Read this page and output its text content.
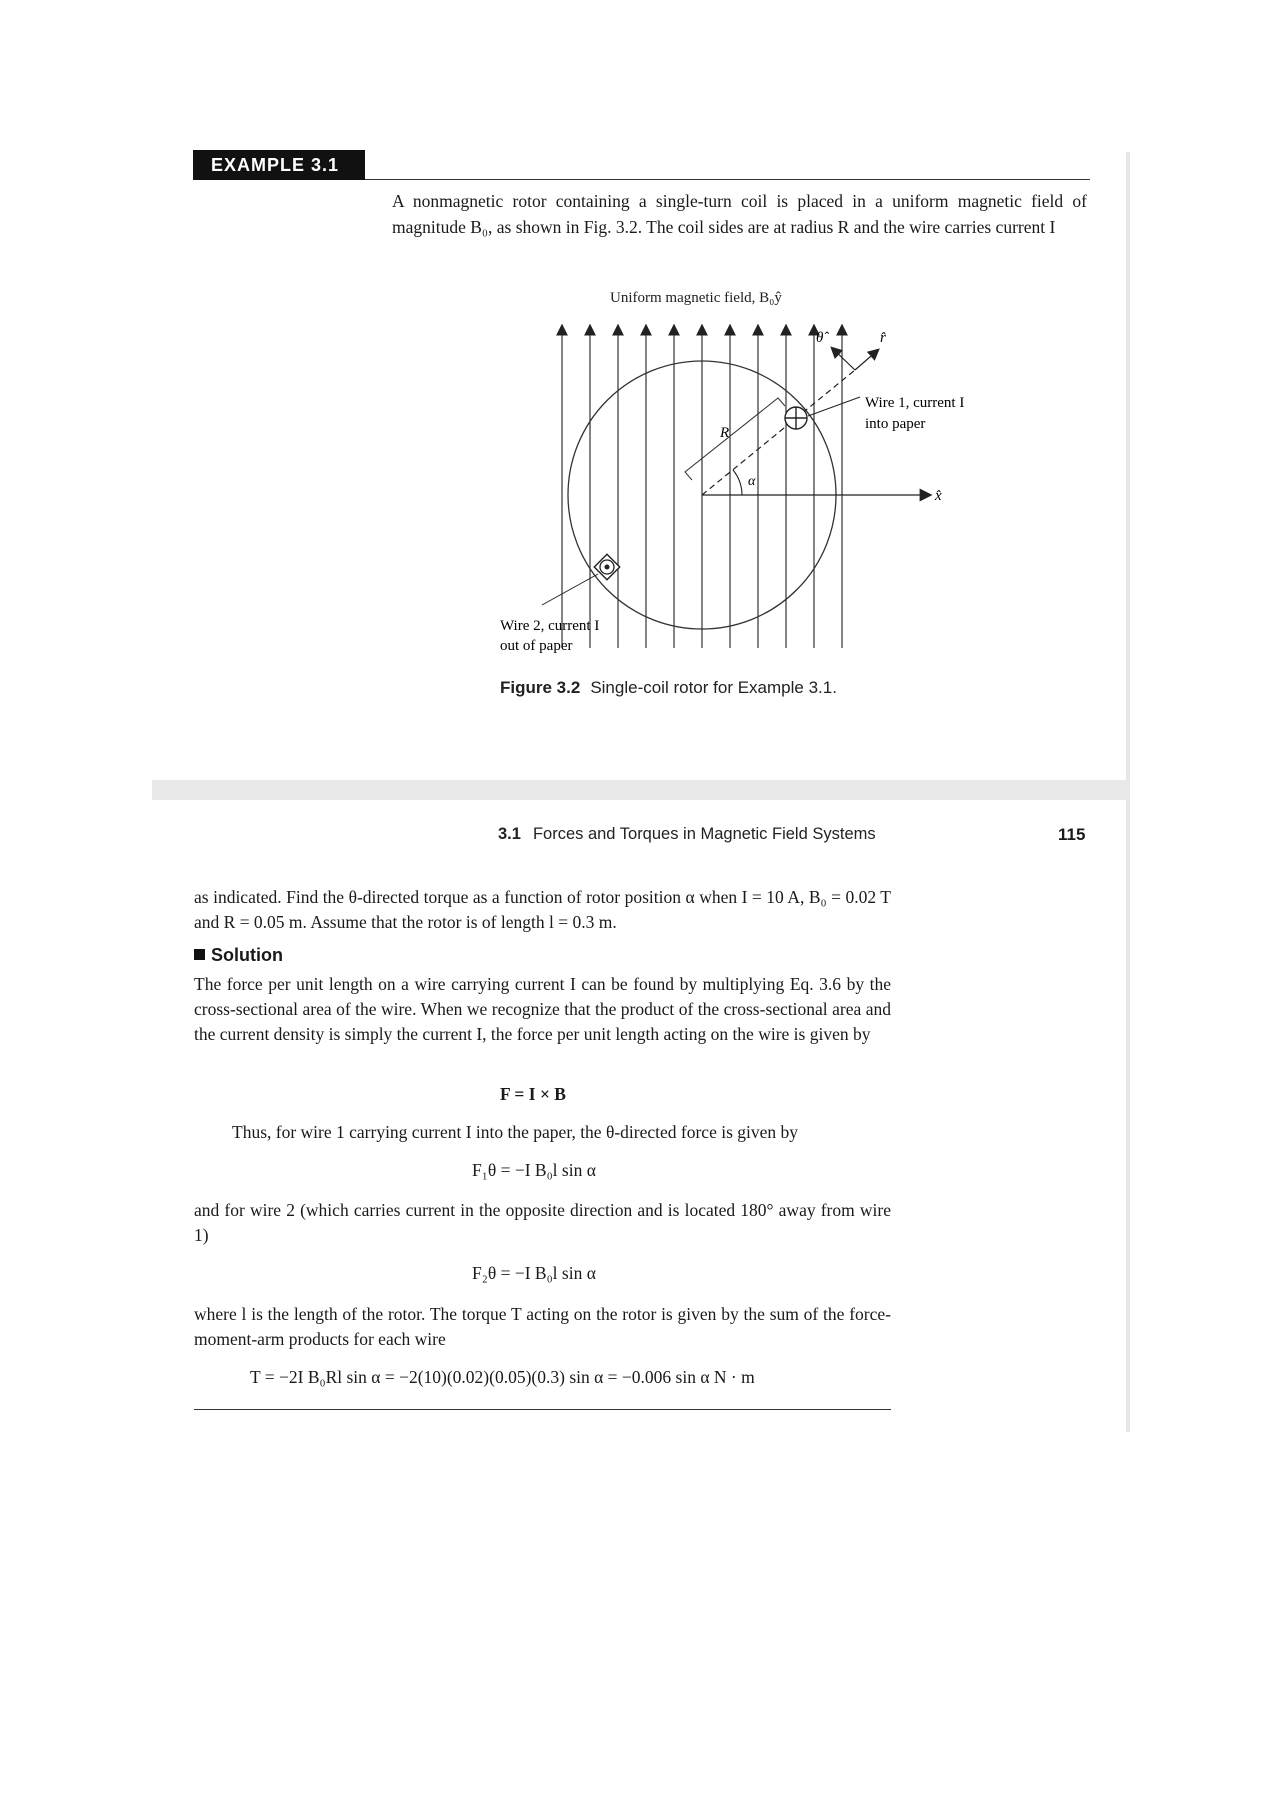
EXAMPLE 3.1

A nonmagnetic rotor containing a single-turn coil is placed in a uniform magnetic field of magnitude B₀, as shown in Fig. 3.2. The coil sides are at radius R and the wire carries current I

Uniform magnetic field, B₀ŷ
x̂
R
α
r̂
θ̂
Wire 1, current I
into paper
Wire 2, current I
out of paper
Figure 3.2 Single-coil rotor for Example 3.1.
3.1 Forces and Torques in Magnetic Field Systems	115

as indicated. Find the θ-directed torque as a function of rotor position α when I = 10 A, B₀ = 0.02 T and R = 0.05 m. Assume that the rotor is of length l = 0.3 m.

Solution

The force per unit length on a wire carrying current I can be found by multiplying Eq. 3.6 by the cross-sectional area of the wire. When we recognize that the product of the cross-sectional area and the current density is simply the current I, the force per unit length acting on the wire is given by

F = I × B

Thus, for wire 1 carrying current I into the paper, the θ-directed force is given by

F₁θ = −I B₀l sin α

and for wire 2 (which carries current in the opposite direction and is located 180° away from wire 1)

F₂θ = −I B₀l sin α

where l is the length of the rotor. The torque T acting on the rotor is given by the sum of the force-moment-arm products for each wire

T = −2I B₀Rl sin α = −2(10)(0.02)(0.05)(0.3) sin α = −0.006 sin α N · m
